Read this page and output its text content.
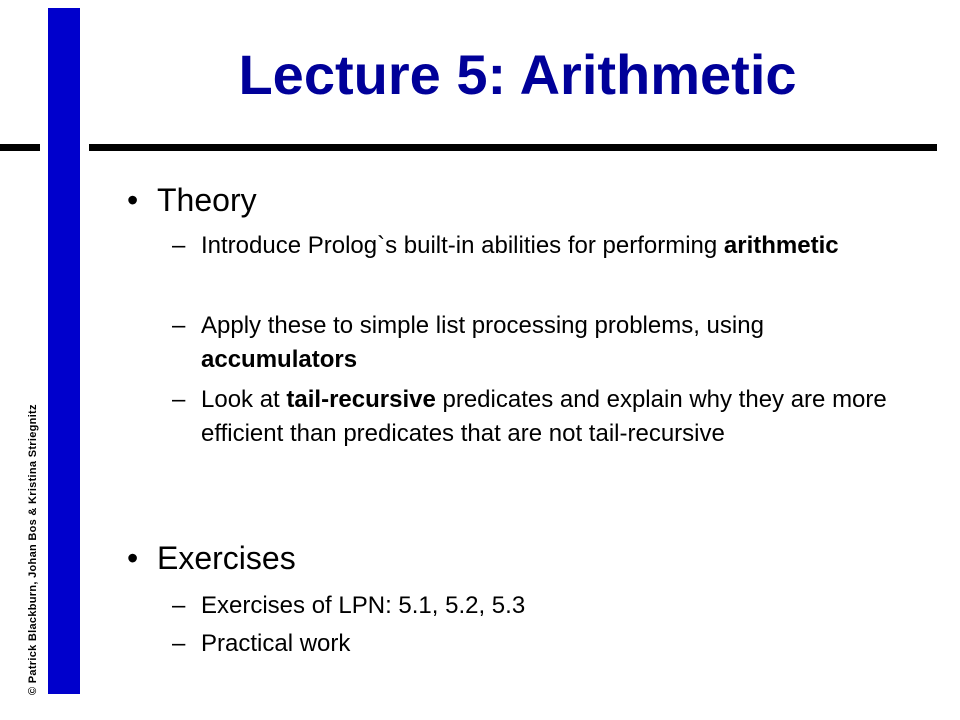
© Patrick Blackburn, Johan Bos & Kristina Striegnitz
Lecture 5: Arithmetic
• Theory
– Introduce Prolog`s built-in abilities for performing arithmetic
– Apply these to simple list processing problems, using accumulators
– Look at tail-recursive predicates and explain why they are more efficient than predicates that are not tail-recursive
• Exercises
– Exercises of LPN: 5.1, 5.2, 5.3
– Practical work
